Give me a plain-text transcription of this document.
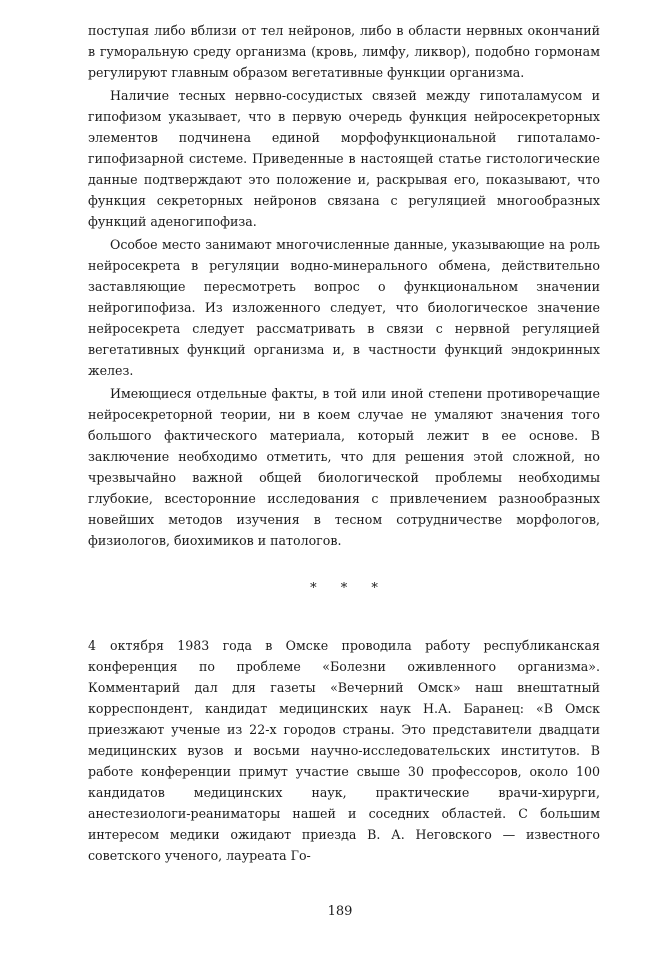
поступая либо вблизи от тел нейронов, либо в области нервных окончаний в гуморальную среду организма (кровь, лимфу, ликвор), подобно гормонам регулируют главным образом вегетативные функции организма.

Наличие тесных нервно-сосудистых связей между гипоталамусом и гипофизом указывает, что в первую очередь функция нейросекреторных элементов подчинена единой морфофункциональной гипоталамо-гипофизарной системе. Приведенные в настоящей статье гистологические данные подтверждают это положение и, раскрывая его, показывают, что функция секреторных нейронов связана с регуляцией многообразных функций аденогипофиза.

Особое место занимают многочисленные данные, указывающие на роль нейросекрета в регуляции водно-минерального обмена, действительно заставляющие пересмотреть вопрос о функциональном значении нейрогипофиза. Из изложенного следует, что биологическое значение нейросекрета следует рассматривать в связи с нервной регуляцией вегетативных функций организма и, в частности функций эндокринных желез.

Имеющиеся отдельные факты, в той или иной степени противоречащие нейросекреторной теории, ни в коем случае не умаляют значения того большого фактического материала, который лежит в ее основе. В заключение необходимо отметить, что для решения этой сложной, но чрезвычайно важной общей биологической проблемы необходимы глубокие, всесторонние исследования с привлечением разнообразных новейших методов изучения в тесном сотрудничестве морфологов, физиологов, биохимиков и патологов.

* * *

4 октября 1983 года в Омске проводила работу республиканская конференция по проблеме «Болезни оживленного организма». Комментарий дал для газеты «Вечерний Омск» наш внештатный корреспондент, кандидат медицинских наук Н.А. Баранец: «В Омск приезжают ученые из 22-х городов страны. Это представители двадцати медицинских вузов и восьми научно-исследовательских институтов. В работе конференции примут участие свыше 30 профессоров, около 100 кандидатов медицинских наук, практические врачи-хирурги, анестезиологи-реаниматоры нашей и соседних областей. С большим интересом медики ожидают приезда В. А. Неговского — известного советского ученого, лауреата Го-

189
